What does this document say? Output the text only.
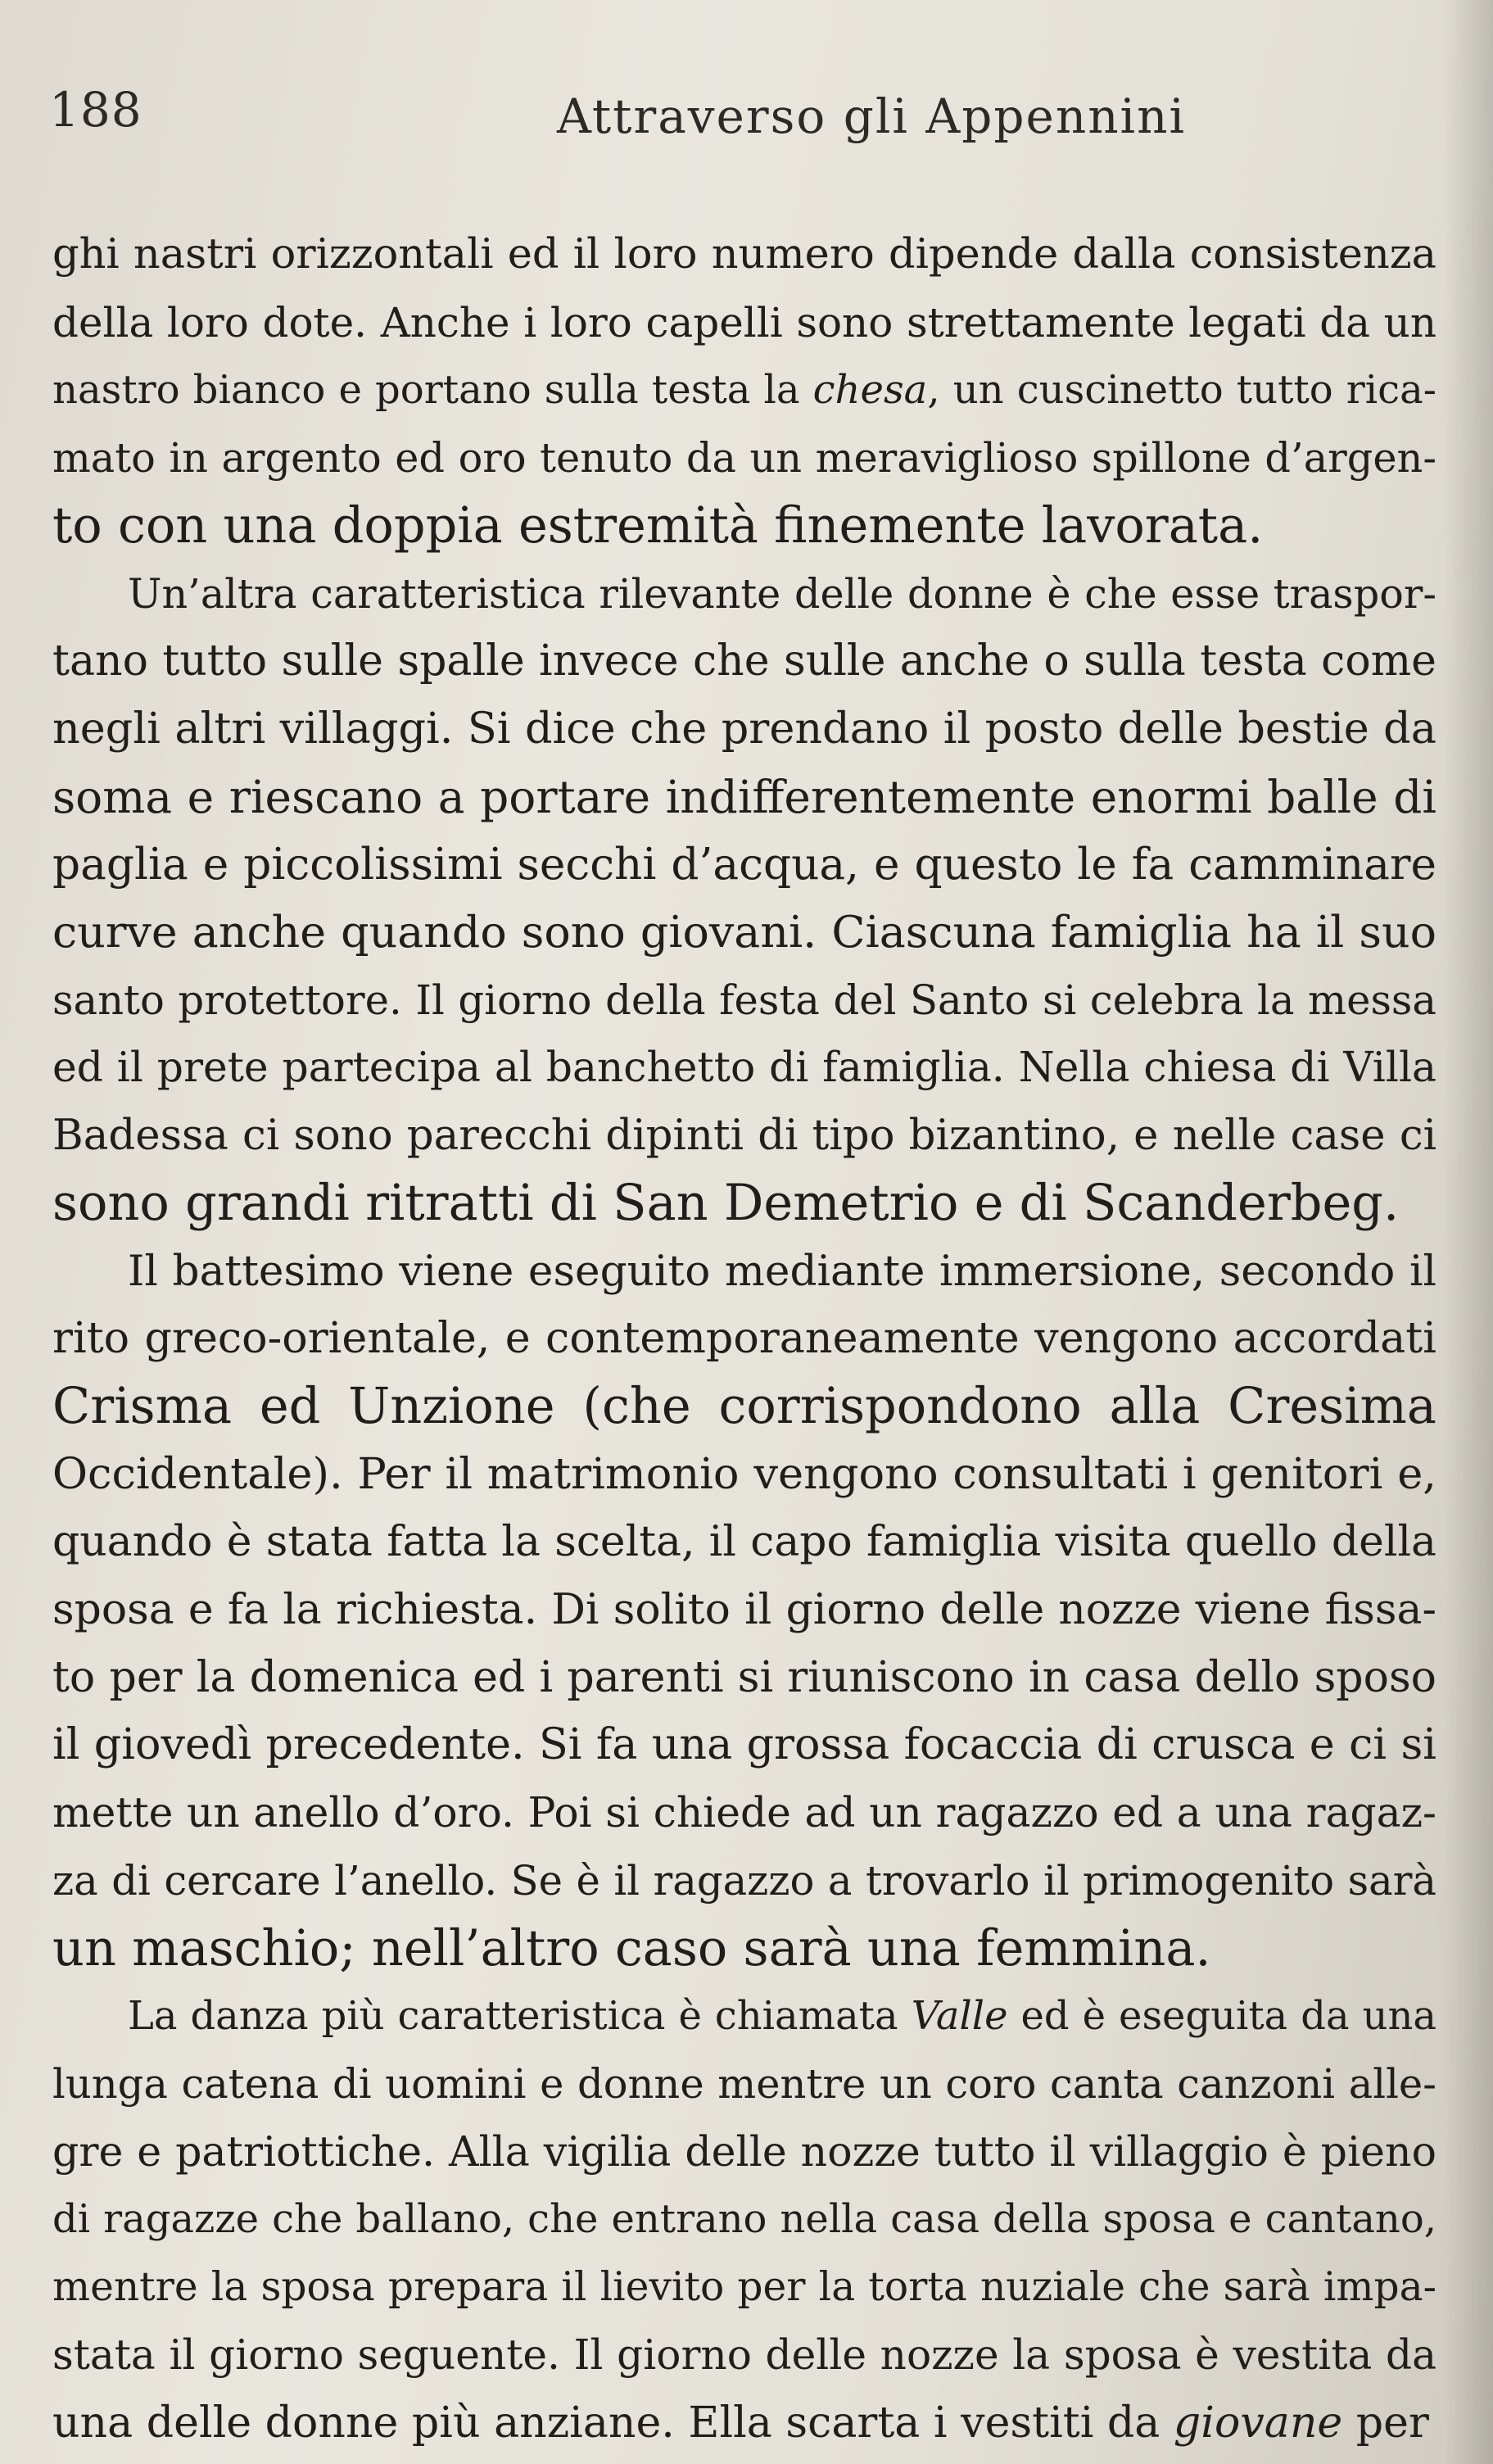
188	Attraverso gli Appennini
ghi nastri orizzontali ed il loro numero dipende dalla consistenza
della loro dote. Anche i loro capelli sono strettamente legati da un
nastro bianco e portano sulla testa la chesa, un cuscinetto tutto rica-
mato in argento ed oro tenuto da un meraviglioso spillone d’argen-
to con una doppia estremità finemente lavorata.
Un’altra caratteristica rilevante delle donne è che esse traspor-
tano tutto sulle spalle invece che sulle anche o sulla testa come
negli altri villaggi. Si dice che prendano il posto delle bestie da
soma e riescano a portare indifferentemente enormi balle di
paglia e piccolissimi secchi d’acqua, e questo le fa camminare
curve anche quando sono giovani. Ciascuna famiglia ha il suo
santo protettore. Il giorno della festa del Santo si celebra la messa
ed il prete partecipa al banchetto di famiglia. Nella chiesa di Villa
Badessa ci sono parecchi dipinti di tipo bizantino, e nelle case ci
sono grandi ritratti di San Demetrio e di Scanderbeg.
Il battesimo viene eseguito mediante immersione, secondo il
rito greco-orientale, e contemporaneamente vengono accordati
Crisma ed Unzione (che corrispondono alla Cresima
Occidentale). Per il matrimonio vengono consultati i genitori e,
quando è stata fatta la scelta, il capo famiglia visita quello della
sposa e fa la richiesta. Di solito il giorno delle nozze viene fissa-
to per la domenica ed i parenti si riuniscono in casa dello sposo
il giovedì precedente. Si fa una grossa focaccia di crusca e ci si
mette un anello d’oro. Poi si chiede ad un ragazzo ed a una ragaz-
za di cercare l’anello. Se è il ragazzo a trovarlo il primogenito sarà
un maschio; nell’altro caso sarà una femmina.
La danza più caratteristica è chiamata Valle ed è eseguita da una
lunga catena di uomini e donne mentre un coro canta canzoni alle-
gre e patriottiche. Alla vigilia delle nozze tutto il villaggio è pieno
di ragazze che ballano, che entrano nella casa della sposa e cantano,
mentre la sposa prepara il lievito per la torta nuziale che sarà impa-
stata il giorno seguente. Il giorno delle nozze la sposa è vestita da
una delle donne più anziane. Ella scarta i vestiti da giovane per
